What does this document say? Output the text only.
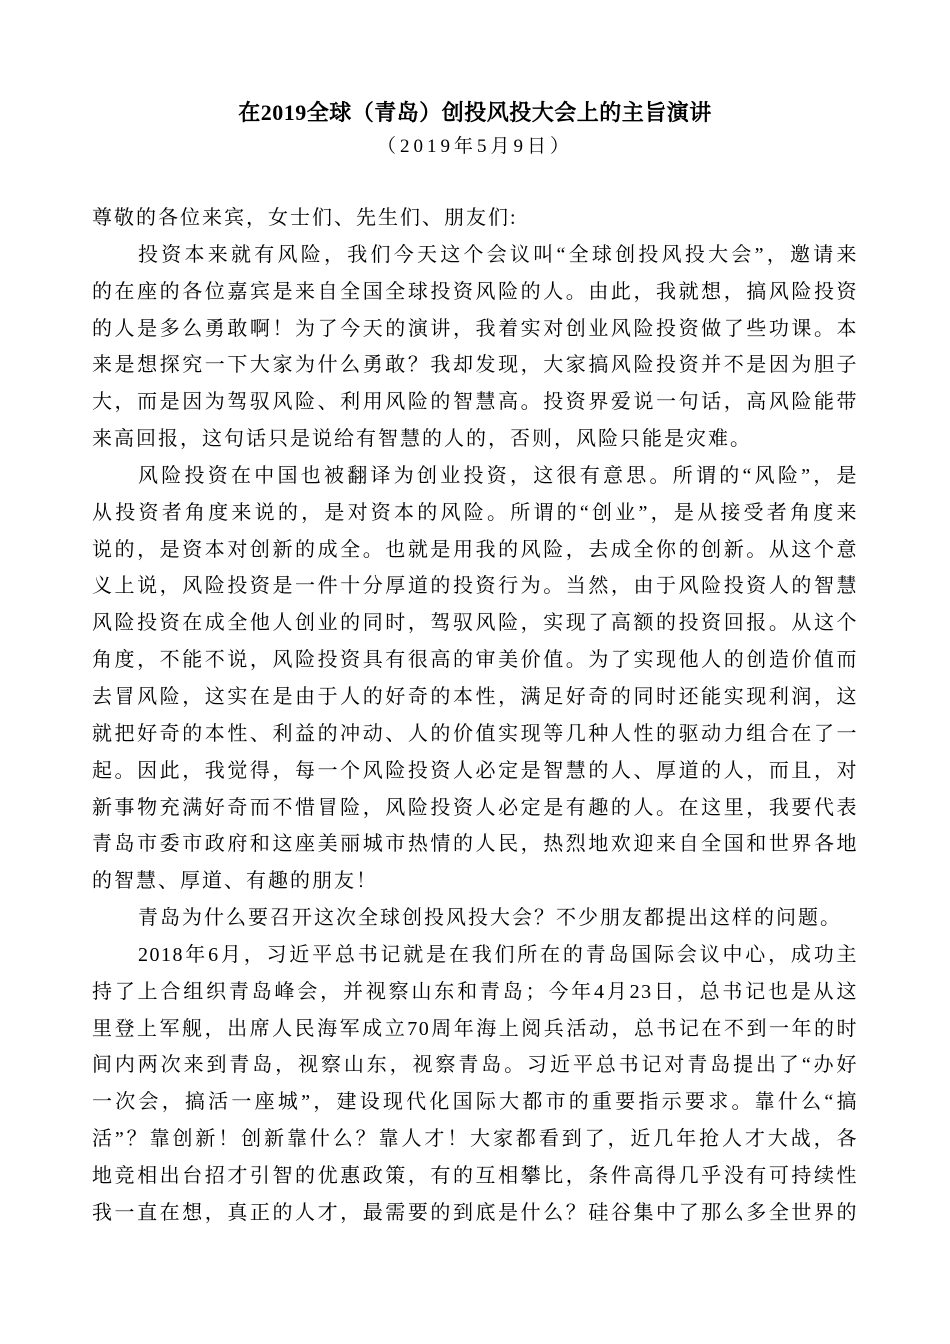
在2019全球（青岛）创投风投大会上的主旨演讲
（2019年5月9日）
尊敬的各位来宾，女士们、先生们、朋友们:
投资本来就有风险，我们今天这个会议叫“全球创投风投大会”，邀请来
的在座的各位嘉宾是来自全国全球投资风险的人。由此，我就想，搞风险投资
的人是多么勇敢啊！为了今天的演讲，我着实对创业风险投资做了些功课。本
来是想探究一下大家为什么勇敢？我却发现，大家搞风险投资并不是因为胆子
大，而是因为驾驭风险、利用风险的智慧高。投资界爱说一句话，高风险能带
来高回报，这句话只是说给有智慧的人的，否则，风险只能是灾难。
风险投资在中国也被翻译为创业投资，这很有意思。所谓的“风险”，是
从投资者角度来说的，是对资本的风险。所谓的“创业”，是从接受者角度来
说的，是资本对创新的成全。也就是用我的风险，去成全你的创新。从这个意
义上说，风险投资是一件十分厚道的投资行为。当然，由于风险投资人的智慧
风险投资在成全他人创业的同时，驾驭风险，实现了高额的投资回报。从这个
角度，不能不说，风险投资具有很高的审美价值。为了实现他人的创造价值而
去冒风险，这实在是由于人的好奇的本性，满足好奇的同时还能实现利润，这
就把好奇的本性、利益的冲动、人的价值实现等几种人性的驱动力组合在了一
起。因此，我觉得，每一个风险投资人必定是智慧的人、厚道的人，而且，对
新事物充满好奇而不惜冒险，风险投资人必定是有趣的人。在这里，我要代表
青岛市委市政府和这座美丽城市热情的人民，热烈地欢迎来自全国和世界各地
的智慧、厚道、有趣的朋友！
青岛为什么要召开这次全球创投风投大会？不少朋友都提出这样的问题。
2018年6月，习近平总书记就是在我们所在的青岛国际会议中心，成功主
持了上合组织青岛峰会，并视察山东和青岛；今年4月23日，总书记也是从这
里登上军舰，出席人民海军成立70周年海上阅兵活动，总书记在不到一年的时
间内两次来到青岛，视察山东，视察青岛。习近平总书记对青岛提出了“办好
一次会，搞活一座城”，建设现代化国际大都市的重要指示要求。靠什么“搞
活”？靠创新！创新靠什么？靠人才！大家都看到了，近几年抢人才大战，各
地竞相出台招才引智的优惠政策，有的互相攀比，条件高得几乎没有可持续性
我一直在想，真正的人才，最需要的到底是什么？硅谷集中了那么多全世界的
